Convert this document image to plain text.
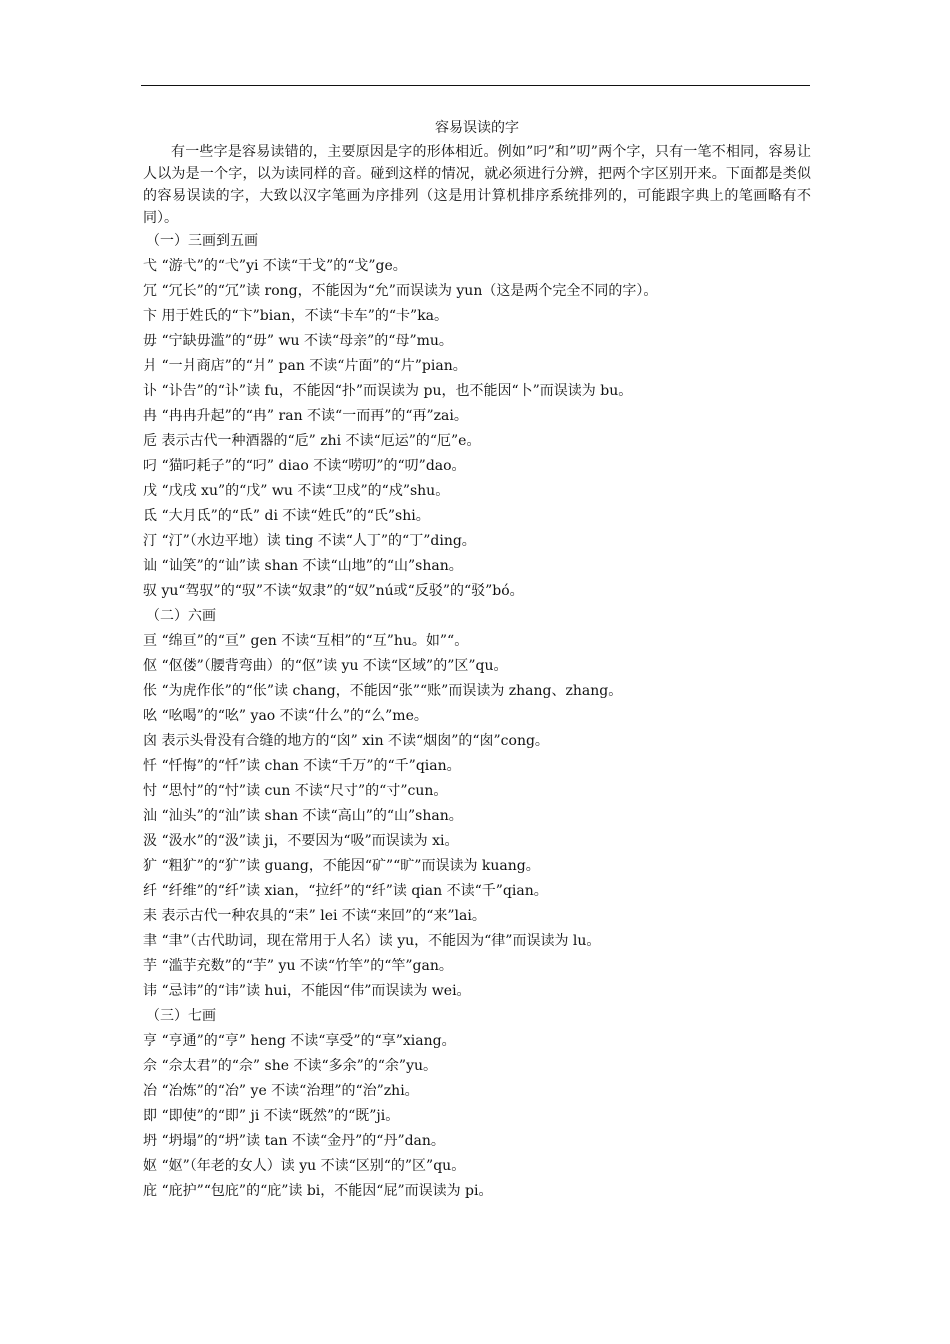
容易误读的字
有一些字是容易读错的，主要原因是字的形体相近。例如”叼”和”叨”两个字，只有一笔不相同，容易让人以为是一个字，以为读同样的音。碰到这样的情况，就必须进行分辨，把两个字区别开来。下面都是类似的容易误读的字，大致以汉字笔画为序排列（这是用计算机排序系统排列的，可能跟字典上的笔画略有不同）。
（一）三画到五画
弋 “游弋”的“弋”yi 不读“干戈”的“戈”ge。
冗 “冗长”的“冗”读 rong，不能因为“允”而误读为 yun（这是两个完全不同的字）。
卞 用于姓氏的“卞”bian，不读“卡车”的“卡”ka。
毋 “宁缺毋滥”的“毋” wu 不读“母亲”的“母”mu。
爿 “一爿商店”的“爿” pan 不读“片面”的“片”pian。
讣 “讣告”的“讣”读 fu，不能因“扑”而误读为 pu，也不能因“卜”而误读为 bu。
冉 “冉冉升起”的“冉” ran 不读“一而再”的“再”zai。
卮 表示古代一种酒器的“卮” zhi 不读“厄运”的“厄”e。
叼 “猫叼耗子”的“叼” diao 不读“唠叨”的“叨”dao。
戊 “戊戌 xu”的“戊” wu 不读“卫戍”的“戍”shu。
氐 “大月氐”的“氐” di 不读“姓氏”的“氏”shi。
汀 “汀”（水边平地）读 ting 不读“人丁”的“丁”ding。
讪 “讪笑”的“讪”读 shan 不读“山地”的“山”shan。
驭 yu“驾驭”的“驭”不读“奴隶”的“奴”nú或“反驳”的“驳”bó。
（二）六画
亘 “绵亘”的“亘” gen 不读“互相”的“互”hu。如”“。
伛 “伛偻”（腰背弯曲）的“伛”读 yu 不读“区域”的”区”qu。
伥 “为虎作伥”的“伥”读 chang，不能因“张”“账”而误读为 zhang、zhang。
吆 “吆喝”的“吆” yao 不读“什么”的“么”me。
囟 表示头骨没有合缝的地方的“囟” xin 不读“烟囱”的“囱”cong。
忏 “忏悔”的“忏”读 chan 不读“千万”的“千”qian。
忖 “思忖”的“忖”读 cun 不读“尺寸”的“寸”cun。
汕 “汕头”的“汕”读 shan 不读“高山”的“山”shan。
汲 “汲水”的“汲”读 ji，不要因为“吸”而误读为 xi。
犷 “粗犷”的“犷”读 guang，不能因“矿”“旷”而误读为 kuang。
纤 “纤维”的“纤”读 xian，“拉纤”的“纤”读 qian 不读“千”qian。
耒 表示古代一种农具的“耒” lei 不读“来回”的“来”lai。
聿 “聿”（古代助词，现在常用于人名）读 yu，不能因为“律”而误读为 lu。
芋 “滥芋充数”的“芋” yu 不读“竹竿”的“竿”gan。
讳 “忌讳”的“讳”读 hui，不能因“伟”而误读为 wei。
（三）七画
亨 “亨通”的“亨” heng 不读“享受”的“享”xiang。
佘 “佘太君”的“佘” she 不读“多余”的“余”yu。
冶 “冶炼”的“冶” ye 不读“治理”的“治”zhi。
即 “即使”的“即” ji 不读“既然”的“既”ji。
坍 “坍塌”的“坍”读 tan 不读“金丹”的“丹”dan。
妪 “妪”（年老的女人）读 yu 不读“区别“的”区”qu。
庇 “庇护”“包庇”的“庇”读 bi，不能因“屁”而误读为 pi。
